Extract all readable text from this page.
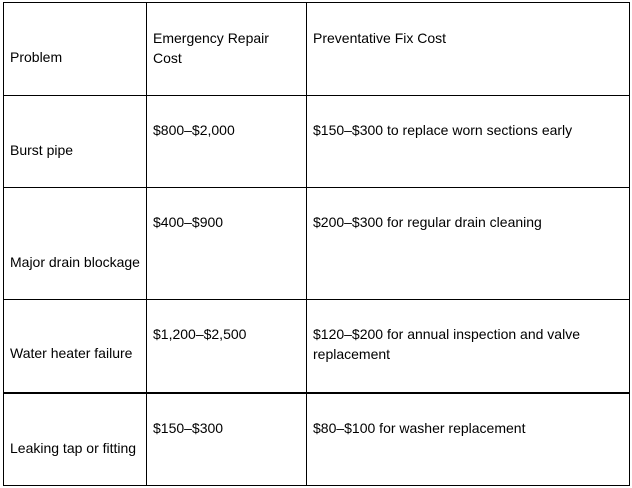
Problem	Emergency Repair Cost	Preventative Fix Cost
Burst pipe	$800–$2,000	$150–$300 to replace worn sections early
Major drain blockage	$400–$900	$200–$300 for regular drain cleaning
Water heater failure	$1,200–$2,500	$120–$200 for annual inspection and valve replacement
Leaking tap or fitting	$150–$300	$80–$100 for washer replacement
